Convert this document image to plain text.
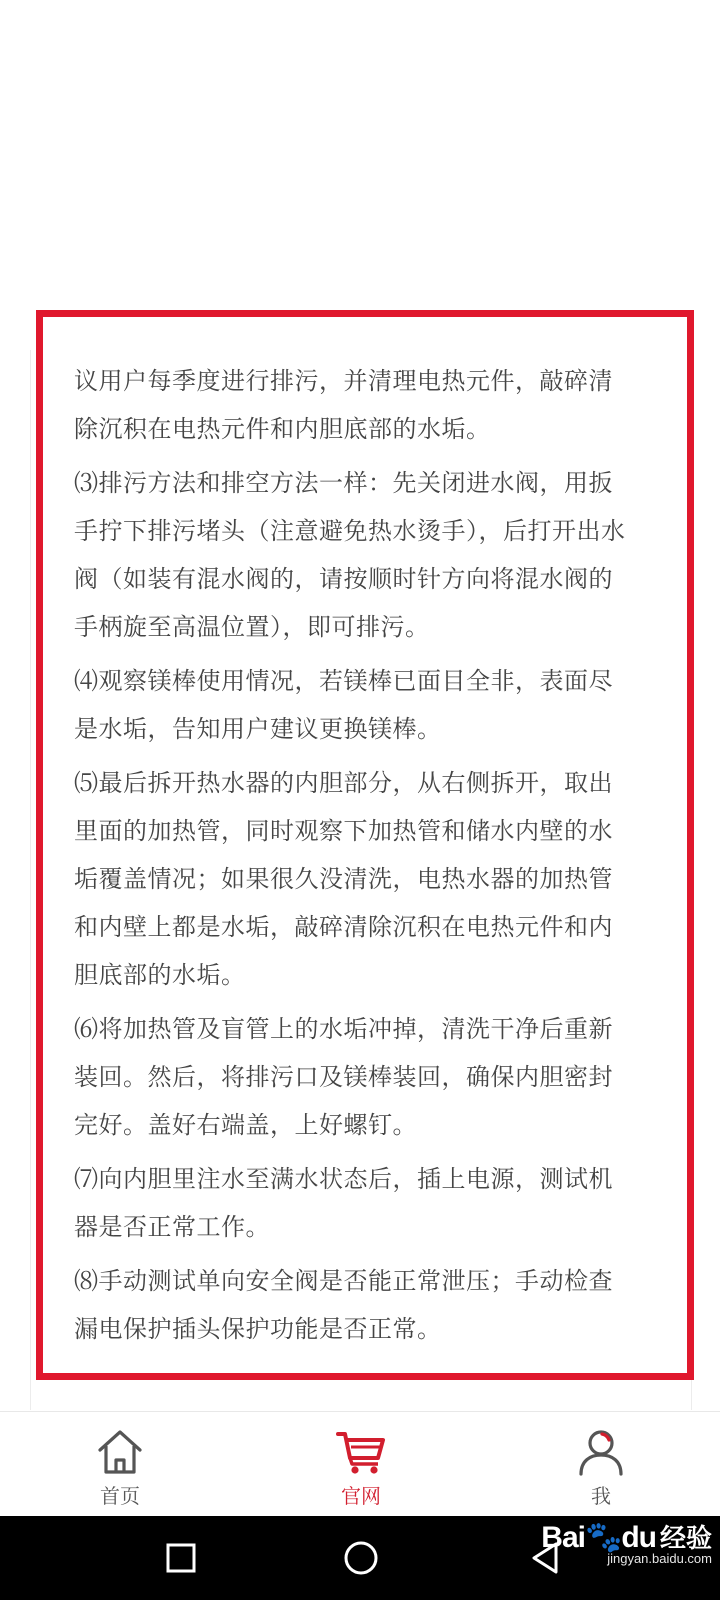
议用户每季度进行排污，并清理电热元件，敲碎清除沉积在电热元件和内胆底部的水垢。

⑶排污方法和排空方法一样：先关闭进水阀，用扳手拧下排污堵头（注意避免热水烫手），后打开出水阀（如装有混水阀的，请按顺时针方向将混水阀的手柄旋至高温位置），即可排污。

⑷观察镁棒使用情况，若镁棒已面目全非，表面尽是水垢，告知用户建议更换镁棒。

⑸最后拆开热水器的内胆部分，从右侧拆开，取出里面的加热管，同时观察下加热管和储水内壁的水垢覆盖情况；如果很久没清洗，电热水器的加热管和内壁上都是水垢，敲碎清除沉积在电热元件和内胆底部的水垢。

⑹将加热管及盲管上的水垢冲掉，清洗干净后重新装回。然后，将排污口及镁棒装回，确保内胆密封完好。盖好右端盖，上好螺钉。

⑺向内胆里注水至满水状态后，插上电源，测试机器是否正常工作。

⑻手动测试单向安全阀是否能正常泄压；手动检查漏电保护插头保护功能是否正常。

首页	官网	我
Bai🐾du 经验
jingyan.baidu.com
